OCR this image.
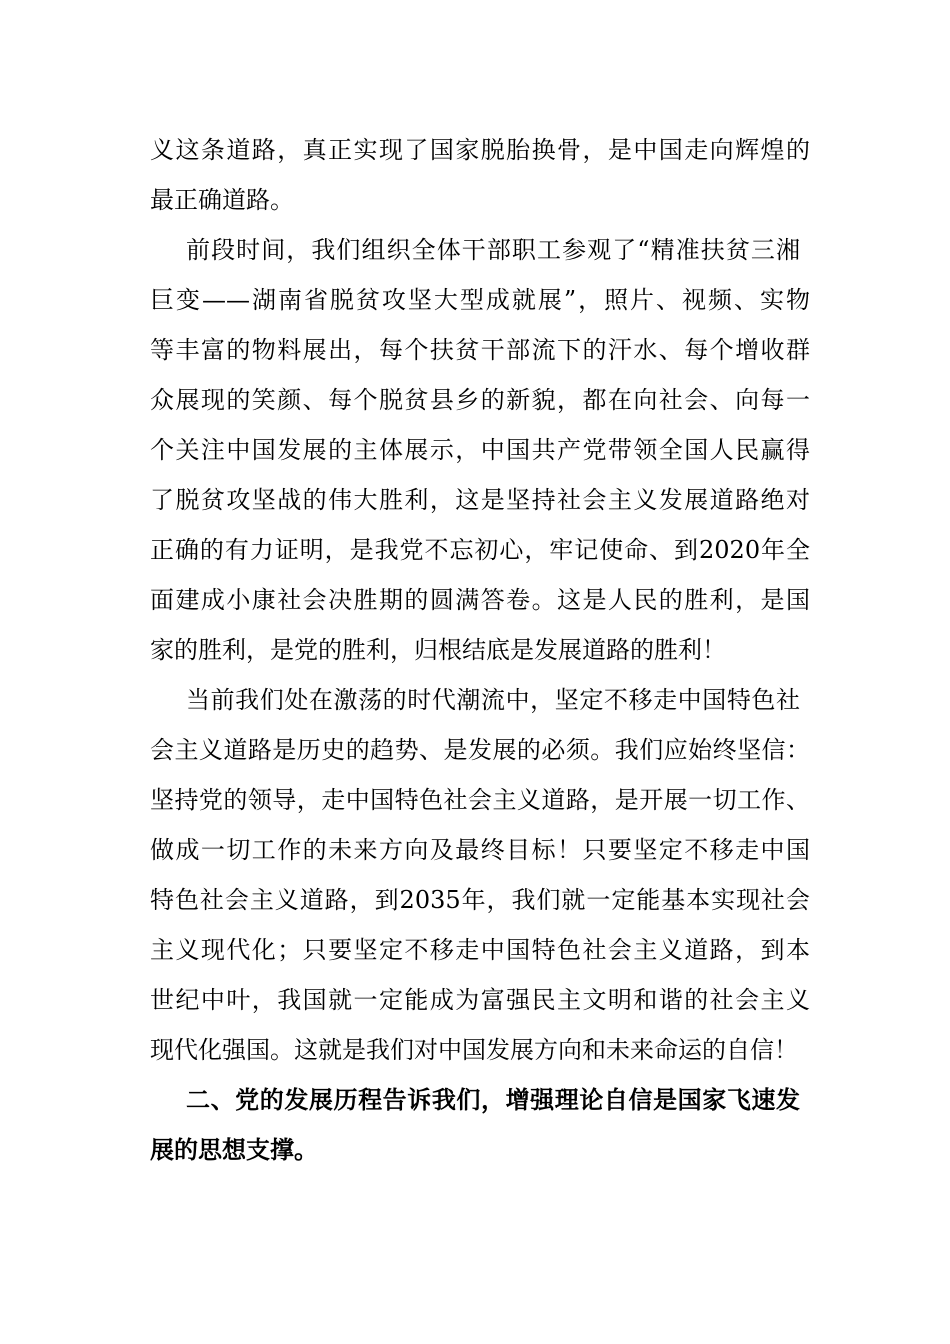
义这条道路，真正实现了国家脱胎换骨，是中国走向辉煌的
最正确道路。
前段时间，我们组织全体干部职工参观了“精准扶贫三湘
巨变——湖南省脱贫攻坚大型成就展”，照片、视频、实物
等丰富的物料展出，每个扶贫干部流下的汗水、每个增收群
众展现的笑颜、每个脱贫县乡的新貌，都在向社会、向每一
个关注中国发展的主体展示，中国共产党带领全国人民赢得
了脱贫攻坚战的伟大胜利，这是坚持社会主义发展道路绝对
正确的有力证明，是我党不忘初心，牢记使命、到2020年全
面建成小康社会决胜期的圆满答卷。这是人民的胜利，是国
家的胜利，是党的胜利，归根结底是发展道路的胜利！
当前我们处在激荡的时代潮流中，坚定不移走中国特色社
会主义道路是历史的趋势、是发展的必须。我们应始终坚信：
坚持党的领导，走中国特色社会主义道路，是开展一切工作、
做成一切工作的未来方向及最终目标！只要坚定不移走中国
特色社会主义道路，到2035年，我们就一定能基本实现社会
主义现代化；只要坚定不移走中国特色社会主义道路，到本
世纪中叶，我国就一定能成为富强民主文明和谐的社会主义
现代化强国。这就是我们对中国发展方向和未来命运的自信！
二、党的发展历程告诉我们，增强理论自信是国家飞速发
展的思想支撑。
